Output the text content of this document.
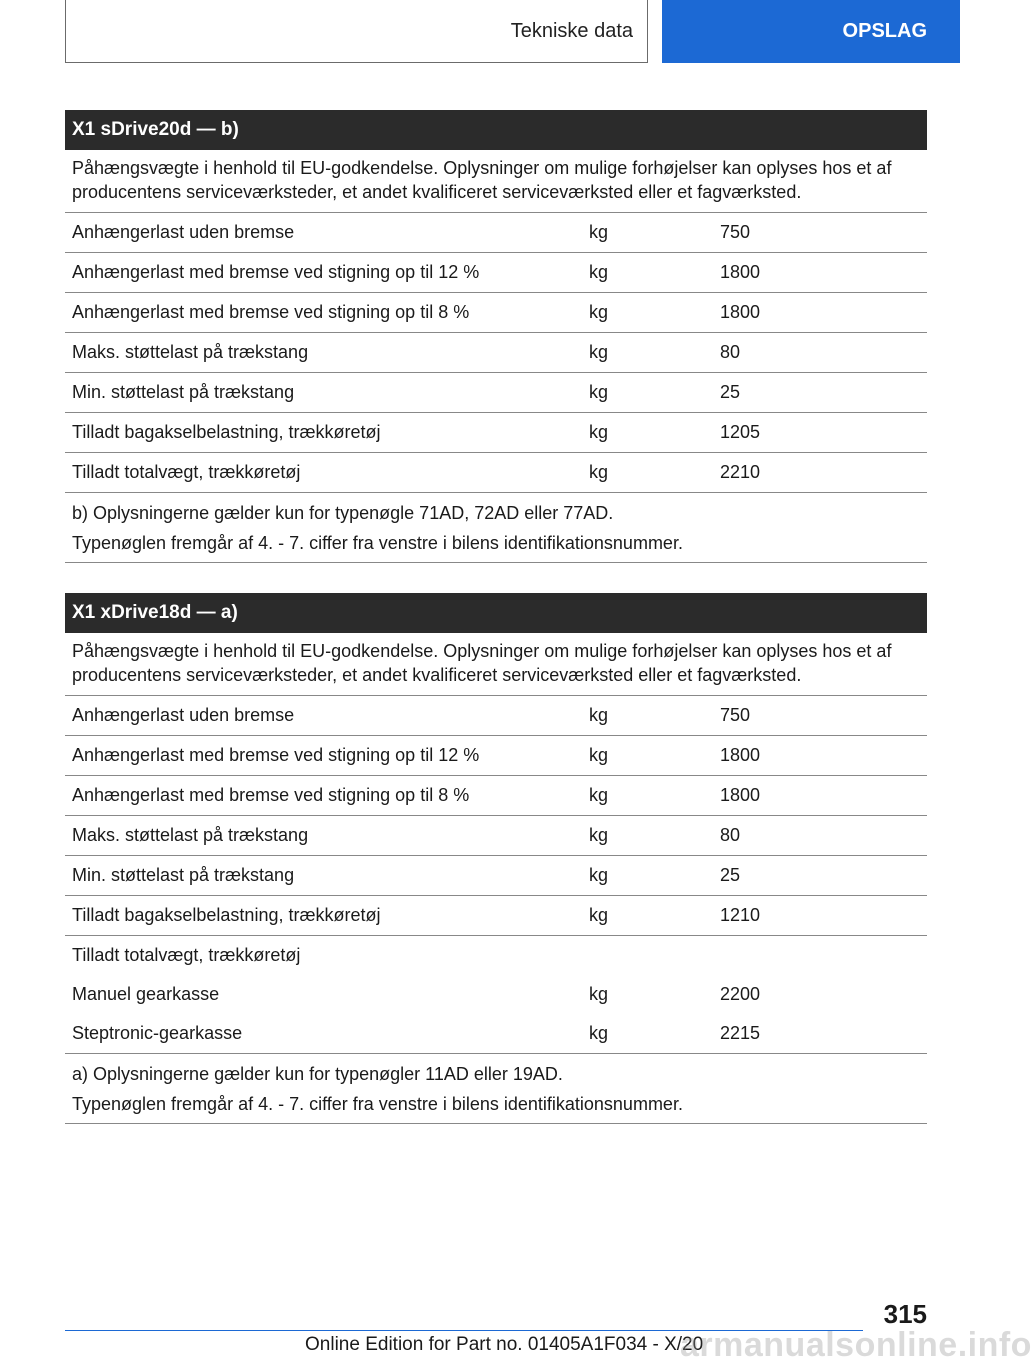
Tekniske data	OPSLAG
X1 sDrive20d — b)
Påhængsvægte i henhold til EU-godkendelse. Oplysninger om mulige forhøjelser kan oplyses hos et af producentens serviceværksteder, et andet kvalificeret serviceværksted eller et fagværksted.
Anhængerlast uden bremse	kg	750
Anhængerlast med bremse ved stigning op til 12 %	kg	1800
Anhængerlast med bremse ved stigning op til 8 %	kg	1800
Maks. støttelast på trækstang	kg	80
Min. støttelast på trækstang	kg	25
Tilladt bagakselbelastning, trækkøretøj	kg	1205
Tilladt totalvægt, trækkøretøj	kg	2210
b) Oplysningerne gælder kun for typenøgle 71AD, 72AD eller 77AD.
Typenøglen fremgår af 4. - 7. ciffer fra venstre i bilens identifikationsnummer.
X1 xDrive18d — a)
Påhængsvægte i henhold til EU-godkendelse. Oplysninger om mulige forhøjelser kan oplyses hos et af producentens serviceværksteder, et andet kvalificeret serviceværksted eller et fagværksted.
Anhængerlast uden bremse	kg	750
Anhængerlast med bremse ved stigning op til 12 %	kg	1800
Anhængerlast med bremse ved stigning op til 8 %	kg	1800
Maks. støttelast på trækstang	kg	80
Min. støttelast på trækstang	kg	25
Tilladt bagakselbelastning, trækkøretøj	kg	1210
Tilladt totalvægt, trækkøretøj
Manuel gearkasse	kg	2200
Steptronic-gearkasse	kg	2215
a) Oplysningerne gælder kun for typenøgler 11AD eller 19AD.
Typenøglen fremgår af 4. - 7. ciffer fra venstre i bilens identifikationsnummer.
315
Online Edition for Part no. 01405A1F034 - X/20
armanualsonline.info
